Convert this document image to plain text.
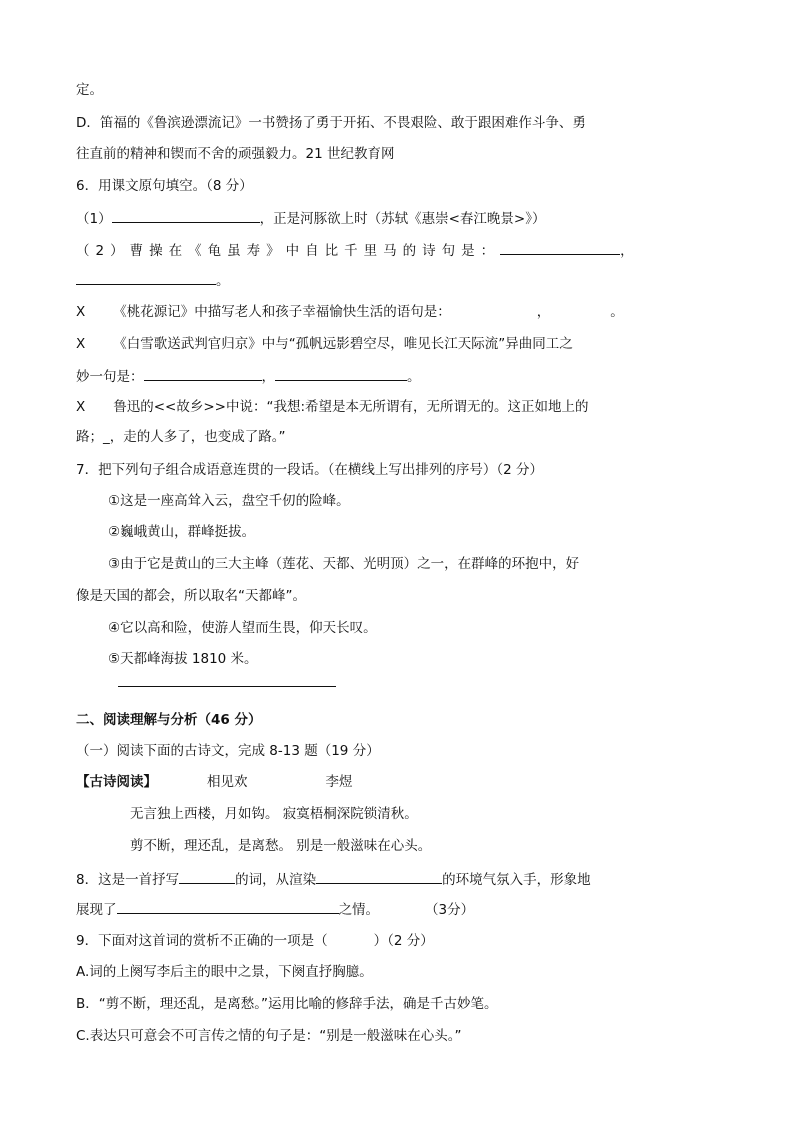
定。
D．笛福的《鲁滨逊漂流记》一书赞扬了勇于开拓、不畏艰险、敢于跟困难作斗争、勇
往直前的精神和锲而不舍的顽强毅力。21 世纪教育网
6．用课文原句填空。（8 分）
（1）	，正是河豚欲上时（苏轼《惠崇<春江晚景>》）
（2）曹操在《龟虽寿》中自比千里马的诗句是：	，
。
X 《桃花源记》中描写老人和孩子幸福愉快生活的语句是：	，	。
X 《白雪歌送武判官归京》中与“孤帆远影碧空尽，唯见长江天际流”异曲同工之
妙一句是：	，	。
X 鲁迅的<<故乡>>中说：“我想:希望是本无所谓有，无所谓无的。这正如地上的
路；_，走的人多了，也变成了路。”
7．把下列句子组合成语意连贯的一段话。（在横线上写出排列的序号）（2 分）
①这是一座高耸入云，盘空千仞的险峰。
②巍峨黄山，群峰挺拔。
③由于它是黄山的三大主峰（莲花、天都、光明顶）之一，在群峰的环抱中，好
像是天国的都会，所以取名“天都峰”。
④它以高和险，使游人望而生畏，仰天长叹。
⑤天都峰海拔 1810 米。
二、阅读理解与分析（46 分）
（一）阅读下面的古诗文，完成 8-13 题（19 分）
【古诗阅读】	相见欢	李煜
无言独上西楼，月如钩。 寂寞梧桐深院锁清秋。
剪不断，理还乱，是离愁。 别是一般滋味在心头。
8．这是一首抒写	的词，从渲染	的环境气氛入手，形象地
展现了	之情。	（3分）
9．下面对这首词的赏析不正确的一项是（	）（2 分）
A.词的上阕写李后主的眼中之景，下阕直抒胸臆。
B．“剪不断，理还乱，是离愁。”运用比喻的修辞手法，确是千古妙笔。
C.表达只可意会不可言传之情的句子是：“别是一般滋味在心头。”
